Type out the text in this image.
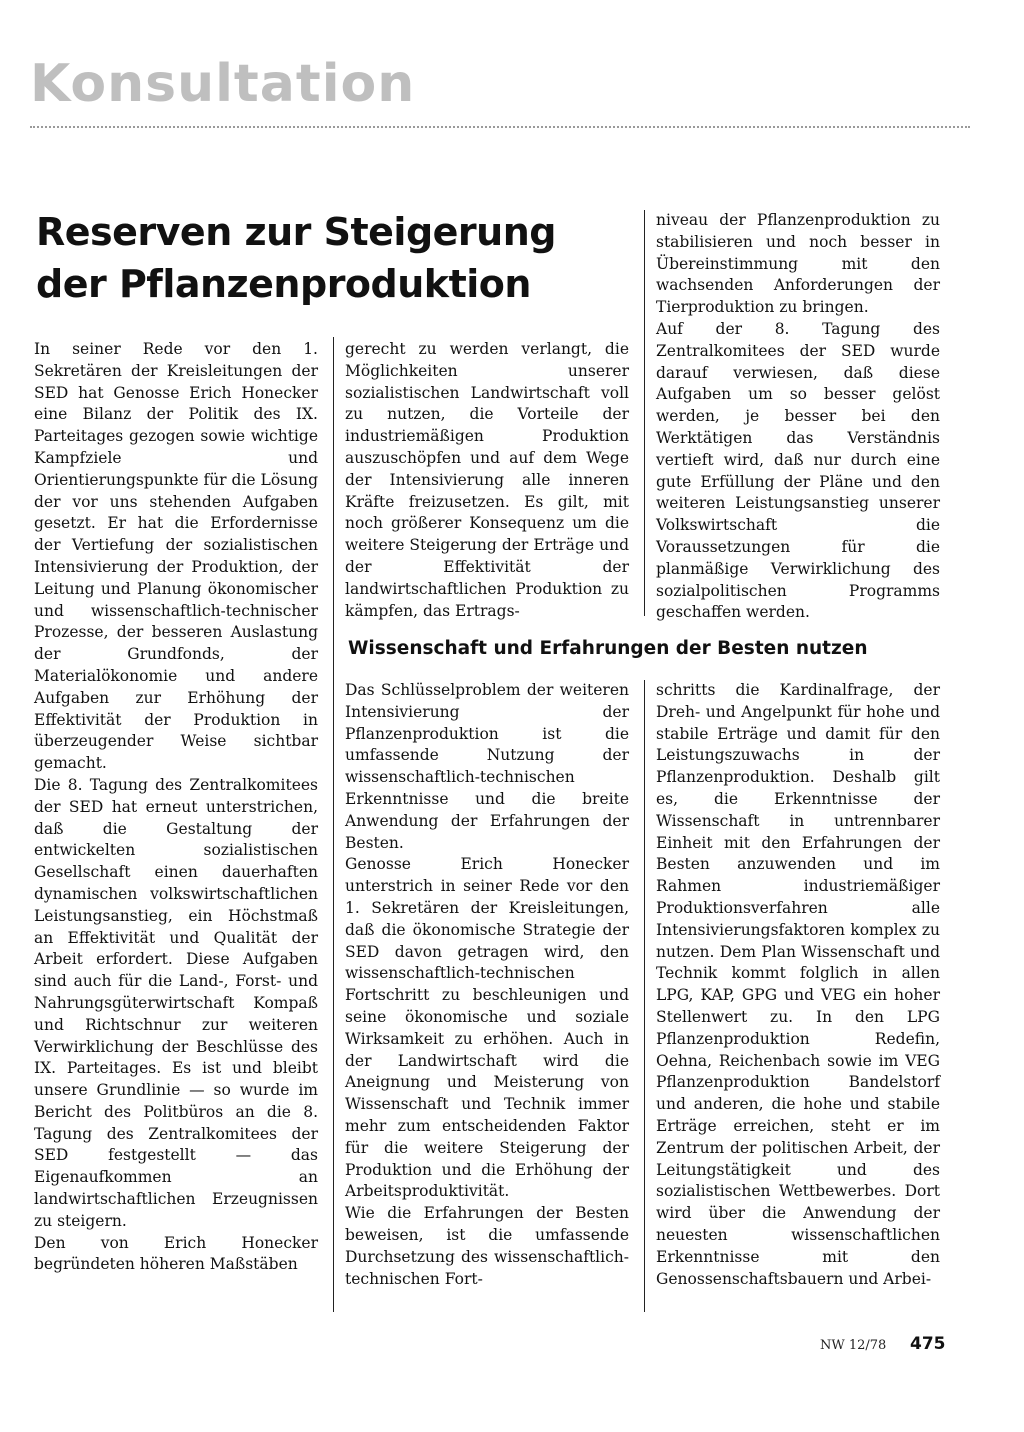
Konsultation
Reserven zur Steigerung der Pflanzenproduktion

In seiner Rede vor den 1. Sekretären der Kreisleitungen der SED hat Genosse Erich Honecker eine Bilanz der Politik des IX. Parteitages gezogen sowie wichtige Kampfziele und Orientierungspunkte für die Lösung der vor uns stehenden Aufgaben gesetzt. Er hat die Erfordernisse der Vertiefung der sozialistischen Intensivierung der Produktion, der Leitung und Planung ökonomischer und wissenschaftlich-technischer Prozesse, der besseren Auslastung der Grundfonds, der Materialökonomie und andere Aufgaben zur Erhöhung der Effektivität der Produktion in überzeugender Weise sichtbar gemacht.

Die 8. Tagung des Zentralkomitees der SED hat erneut unterstrichen, daß die Gestaltung der entwickelten sozialistischen Gesellschaft einen dauerhaften dynamischen volkswirtschaftlichen Leistungsanstieg, ein Höchstmaß an Effektivität und Qualität der Arbeit erfordert. Diese Aufgaben sind auch für die Land-, Forst- und Nahrungsgüterwirtschaft Kompaß und Richtschnur zur weiteren Verwirklichung der Beschlüsse des IX. Parteitages. Es ist und bleibt unsere Grundlinie — so wurde im Bericht des Politbüros an die 8. Tagung des Zentralkomitees der SED festgestellt — das Eigenaufkommen an landwirtschaftlichen Erzeugnissen zu steigern.

Den von Erich Honecker begründeten höheren Maßstäben

gerecht zu werden verlangt, die Möglichkeiten unserer sozialistischen Landwirtschaft voll zu nutzen, die Vorteile der industriemäßigen Produktion auszuschöpfen und auf dem Wege der Intensivierung alle inneren Kräfte freizusetzen. Es gilt, mit noch größerer Konsequenz um die weitere Steigerung der Erträge und der Effektivität der landwirtschaftlichen Produktion zu kämpfen, das Ertrags-

niveau der Pflanzenproduktion zu stabilisieren und noch besser in Übereinstimmung mit den wachsenden Anforderungen der Tierproduktion zu bringen.

Auf der 8. Tagung des Zentralkomitees der SED wurde darauf verwiesen, daß diese Aufgaben um so besser gelöst werden, je besser bei den Werktätigen das Verständnis vertieft wird, daß nur durch eine gute Erfüllung der Pläne und den weiteren Leistungsanstieg unserer Volkswirtschaft die Voraussetzungen für die planmäßige Verwirklichung des sozialpolitischen Programms geschaffen werden.

Wissenschaft und Erfahrungen der Besten nutzen

Das Schlüsselproblem der weiteren Intensivierung der Pflanzenproduktion ist die umfassende Nutzung der wissenschaftlich-technischen Erkenntnisse und die breite Anwendung der Erfahrungen der Besten.

Genosse Erich Honecker unterstrich in seiner Rede vor den 1. Sekretären der Kreisleitungen, daß die ökonomische Strategie der SED davon getragen wird, den wissenschaftlich-technischen Fortschritt zu beschleunigen und seine ökonomische und soziale Wirksamkeit zu erhöhen. Auch in der Landwirtschaft wird die Aneignung und Meisterung von Wissenschaft und Technik immer mehr zum entscheidenden Faktor für die weitere Steigerung der Produktion und die Erhöhung der Arbeitsproduktivität.

Wie die Erfahrungen der Besten beweisen, ist die umfassende Durchsetzung des wissenschaftlich-technischen Fort-

schritts die Kardinalfrage, der Dreh- und Angelpunkt für hohe und stabile Erträge und damit für den Leistungszuwachs in der Pflanzenproduktion. Deshalb gilt es, die Erkenntnisse der Wissenschaft in untrennbarer Einheit mit den Erfahrungen der Besten anzuwenden und im Rahmen industriemäßiger Produktionsverfahren alle Intensivierungsfaktoren komplex zu nutzen. Dem Plan Wissenschaft und Technik kommt folglich in allen LPG, KAP, GPG und VEG ein hoher Stellenwert zu. In den LPG Pflanzenproduktion Redefin, Oehna, Reichenbach sowie im VEG Pflanzenproduktion Bandelstorf und anderen, die hohe und stabile Erträge erreichen, steht er im Zentrum der politischen Arbeit, der Leitungstätigkeit und des sozialistischen Wettbewerbes. Dort wird über die Anwendung der neuesten wissenschaftlichen Erkenntnisse mit den Genossenschaftsbauern und Arbei-

NW 12/78 475
